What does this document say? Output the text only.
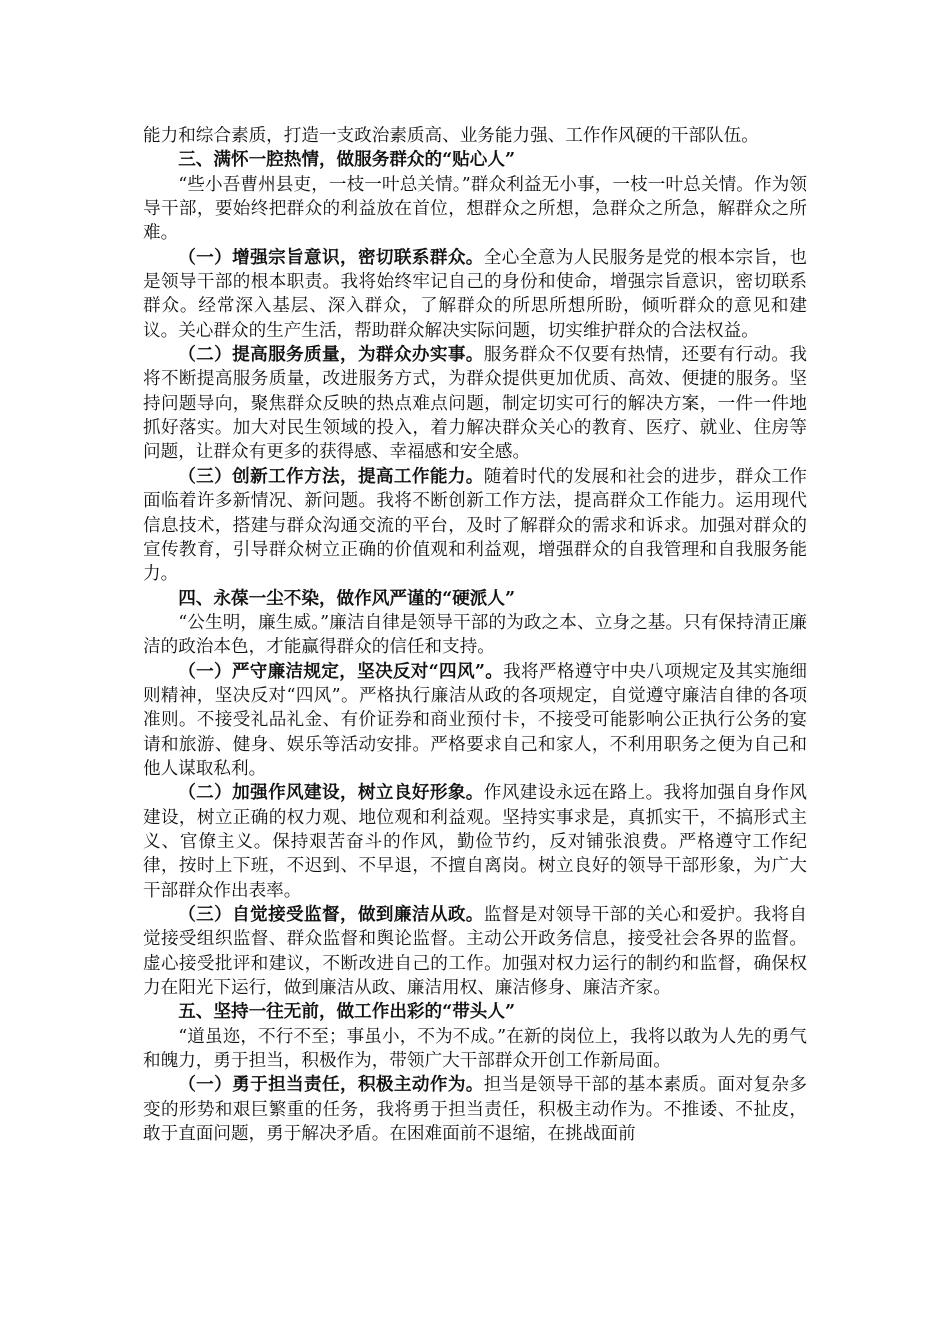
能力和综合素质，打造一支政治素质高、业务能力强、工作作风硬的干部队伍。

三、满怀一腔热情，做服务群众的“贴心人”

“些小吾曹州县吏，一枝一叶总关情。”群众利益无小事，一枝一叶总关情。作为领导干部，要始终把群众的利益放在首位，想群众之所想，急群众之所急，解群众之所难。

（一）增强宗旨意识，密切联系群众。全心全意为人民服务是党的根本宗旨，也是领导干部的根本职责。我将始终牢记自己的身份和使命，增强宗旨意识，密切联系群众。经常深入基层、深入群众，了解群众的所思所想所盼，倾听群众的意见和建议。关心群众的生产生活，帮助群众解决实际问题，切实维护群众的合法权益。

（二）提高服务质量，为群众办实事。服务群众不仅要有热情，还要有行动。我将不断提高服务质量，改进服务方式，为群众提供更加优质、高效、便捷的服务。坚持问题导向，聚焦群众反映的热点难点问题，制定切实可行的解决方案，一件一件地抓好落实。加大对民生领域的投入，着力解决群众关心的教育、医疗、就业、住房等问题，让群众有更多的获得感、幸福感和安全感。

（三）创新工作方法，提高工作能力。随着时代的发展和社会的进步，群众工作面临着许多新情况、新问题。我将不断创新工作方法，提高群众工作能力。运用现代信息技术，搭建与群众沟通交流的平台，及时了解群众的需求和诉求。加强对群众的宣传教育，引导群众树立正确的价值观和利益观，增强群众的自我管理和自我服务能力。

四、永葆一尘不染，做作风严谨的“硬派人”

“公生明，廉生威。”廉洁自律是领导干部的为政之本、立身之基。只有保持清正廉洁的政治本色，才能赢得群众的信任和支持。

（一）严守廉洁规定，坚决反对“四风”。我将严格遵守中央八项规定及其实施细则精神，坚决反对“四风”。严格执行廉洁从政的各项规定，自觉遵守廉洁自律的各项准则。不接受礼品礼金、有价证券和商业预付卡，不接受可能影响公正执行公务的宴请和旅游、健身、娱乐等活动安排。严格要求自己和家人，不利用职务之便为自己和他人谋取私利。

（二）加强作风建设，树立良好形象。作风建设永远在路上。我将加强自身作风建设，树立正确的权力观、地位观和利益观。坚持实事求是，真抓实干，不搞形式主义、官僚主义。保持艰苦奋斗的作风，勤俭节约，反对铺张浪费。严格遵守工作纪律，按时上下班，不迟到、不早退，不擅自离岗。树立良好的领导干部形象，为广大干部群众作出表率。

（三）自觉接受监督，做到廉洁从政。监督是对领导干部的关心和爱护。我将自觉接受组织监督、群众监督和舆论监督。主动公开政务信息，接受社会各界的监督。虚心接受批评和建议，不断改进自己的工作。加强对权力运行的制约和监督，确保权力在阳光下运行，做到廉洁从政、廉洁用权、廉洁修身、廉洁齐家。

五、坚持一往无前，做工作出彩的“带头人”

“道虽迩，不行不至；事虽小，不为不成。”在新的岗位上，我将以敢为人先的勇气和魄力，勇于担当，积极作为，带领广大干部群众开创工作新局面。

（一）勇于担当责任，积极主动作为。担当是领导干部的基本素质。面对复杂多变的形势和艰巨繁重的任务，我将勇于担当责任，积极主动作为。不推诿、不扯皮，敢于直面问题，勇于解决矛盾。在困难面前不退缩，在挑战面前
